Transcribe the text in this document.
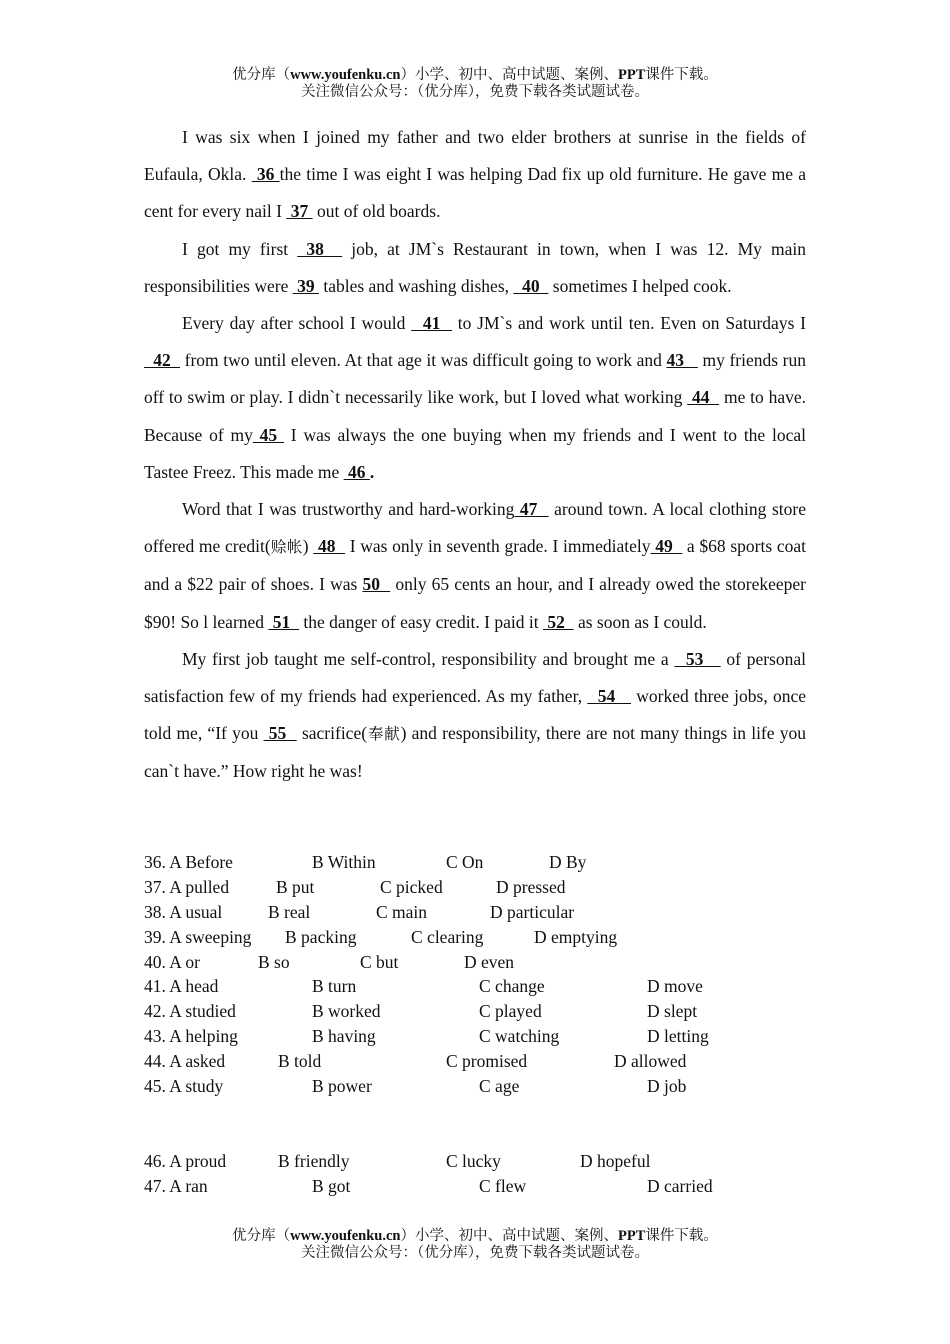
优分库（www.youfenku.cn）小学、初中、高中试题、案例、PPT课件下载。
关注微信公众号：（优分库），免费下载各类试题试卷。

I was six when I joined my father and two elder brothers at sunrise in the fields of Eufaula, Okla.  36 the time I was eight I was helping Dad fix up old furniture. He gave me a cent for every nail I  37  out of old boards.

I got my first  38   job, at JM`s Restaurant in town, when I was 12. My main responsibilities were  39  tables and washing dishes,   40   sometimes I helped cook.

Every day after school I would   41   to JM`s and work until ten. Even on Saturdays I   42   from two until eleven. At that age it was difficult going to work and 43    my friends run off to swim or play. I didn`t necessarily like work, but I loved what working  44   me to have. Because of my 45  I was always the one buying when my friends and I went to the local Tastee Freez. This made me  46 .

Word that I was trustworthy and hard-working 47   around town. A local clothing store offered me credit(赊帐)  48   I was only in seventh grade. I immediately 49   a $68 sports coat and a $22 pair of shoes. I was 50   only 65 cents an hour, and I already owed the storekeeper $90! So l learned  51   the danger of easy credit. I paid it  52   as soon as I could.

My first job taught me self-control, responsibility and brought me a   53    of personal satisfaction few of my friends had experienced. As my father,   54    worked three jobs, once told me, “If you  55   sacrifice(奉献) and responsibility, there are not many things in life you can`t have.” How right he was!

36. A Before	B Within	C On	D By
37. A pulled	B put	C picked	D pressed
38. A usual	B real	C main	D particular
39. A sweeping B packing	C clearing	D emptying
40. A or	B so	C but	D even
41. A head	B turn	C change	D move
42. A studied	B worked	C played	D slept
43. A helping	B having	C watching	D letting
44. A asked	B told	C promised	D allowed
45. A study	B power	C age	D job
46. A proud	B friendly	C lucky	D hopeful
47. A ran	B got	C flew	D carried
优分库（www.youfenku.cn）小学、初中、高中试题、案例、PPT课件下载。
关注微信公众号：（优分库），免费下载各类试题试卷。
